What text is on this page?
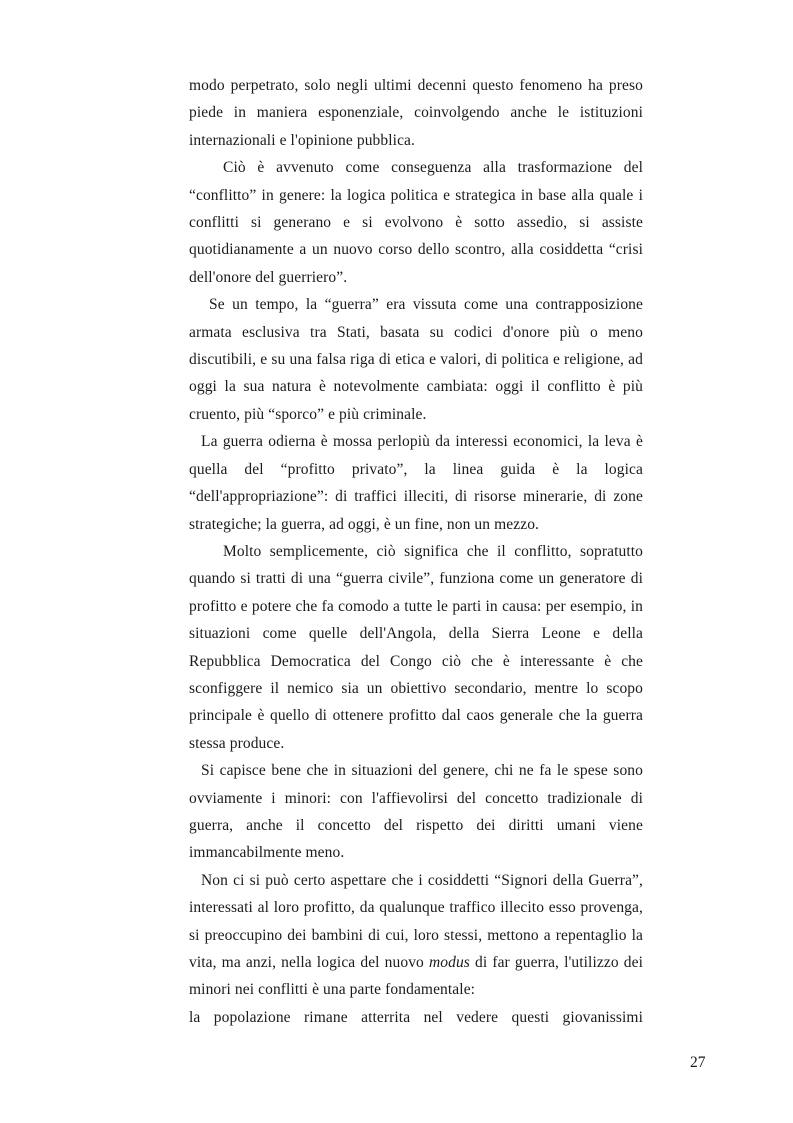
modo perpetrato, solo negli ultimi decenni questo fenomeno ha preso piede in maniera esponenziale, coinvolgendo anche le istituzioni internazionali e l'opinione pubblica.

Ciò è avvenuto come conseguenza alla trasformazione del “conflitto” in genere: la logica politica e strategica in base alla quale i conflitti si generano e si evolvono è sotto assedio, si assiste quotidianamente a un nuovo corso dello scontro, alla cosiddetta “crisi dell'onore del guerriero”.

Se un tempo, la “guerra” era vissuta come una contrapposizione armata esclusiva tra Stati, basata su codici d'onore più o meno discutibili, e su una falsa riga di etica e valori, di politica e religione, ad oggi la sua natura è notevolmente cambiata: oggi il conflitto è più cruento, più “sporco” e più criminale.

La guerra odierna è mossa perlopiù da interessi economici, la leva è quella del “profitto privato”, la linea guida è la logica “dell'appropriazione”: di traffici illeciti, di risorse minerarie, di zone strategiche; la guerra, ad oggi, è un fine, non un mezzo.

Molto semplicemente, ciò significa che il conflitto, sopratutto quando si tratti di una “guerra civile”, funziona come un generatore di profitto e potere che fa comodo a tutte le parti in causa: per esempio, in situazioni come quelle dell'Angola, della Sierra Leone e della Repubblica Democratica del Congo ciò che è interessante è che sconfiggere il nemico sia un obiettivo secondario, mentre lo scopo principale è quello di ottenere profitto dal caos generale che la guerra stessa produce.

Si capisce bene che in situazioni del genere, chi ne fa le spese sono ovviamente i minori: con l'affievolirsi del concetto tradizionale di guerra, anche il concetto del rispetto dei diritti umani viene immancabilmente meno.

Non ci si può certo aspettare che i cosiddetti “Signori della Guerra”, interessati al loro profitto, da qualunque traffico illecito esso provenga, si preoccupino dei bambini di cui, loro stessi, mettono a repentaglio la vita, ma anzi, nella logica del nuovo modus di far guerra, l'utilizzo dei minori nei conflitti è una parte fondamentale:

la popolazione rimane atterrita nel vedere questi giovanissimi

27
